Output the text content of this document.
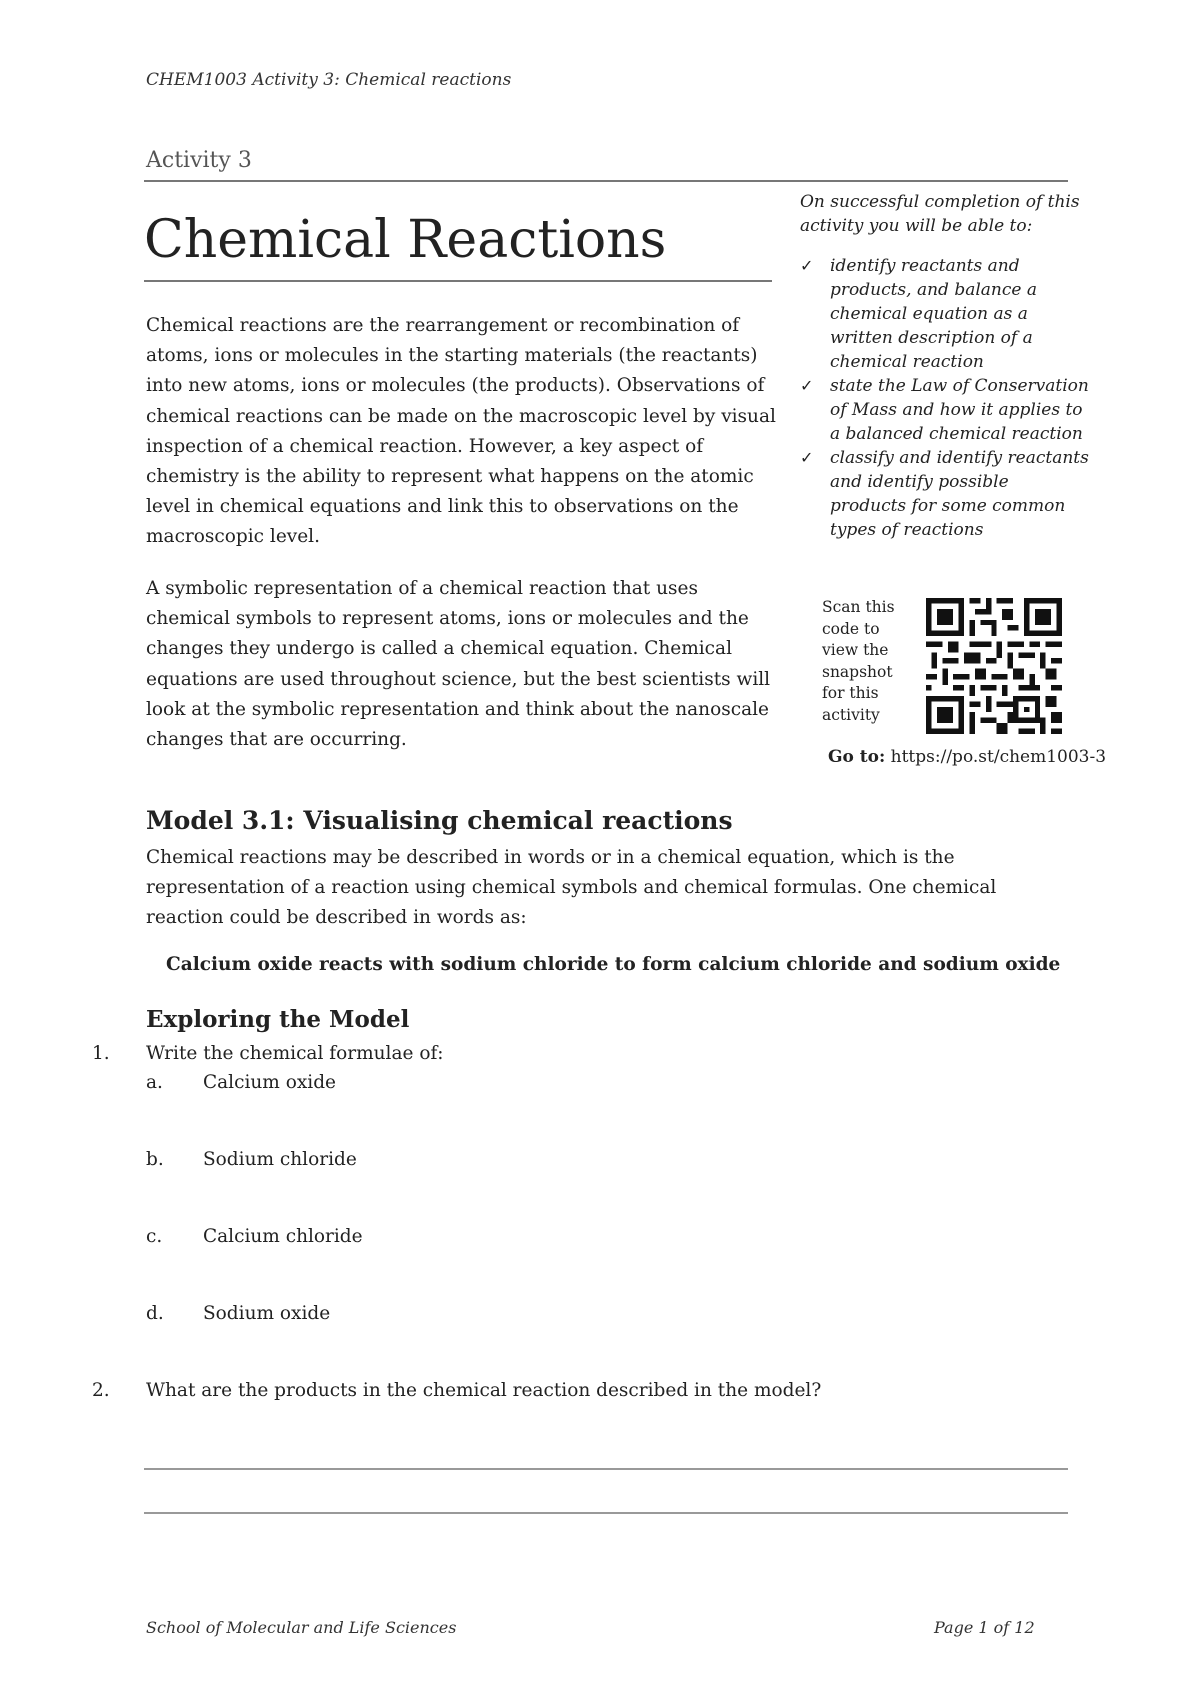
CHEM1003 Activity 3: Chemical reactions
Activity 3
Chemical Reactions

Chemical reactions are the rearrangement or recombination of atoms, ions or molecules in the starting materials (the reactants) into new atoms, ions or molecules (the products). Observations of chemical reactions can be made on the macroscopic level by visual inspection of a chemical reaction. However, a key aspect of chemistry is the ability to represent what happens on the atomic level in chemical equations and link this to observations on the macroscopic level.

A symbolic representation of a chemical reaction that uses chemical symbols to represent atoms, ions or molecules and the changes they undergo is called a chemical equation. Chemical equations are used throughout science, but the best scientists will look at the symbolic representation and think about the nanoscale changes that are occurring.

On successful completion of this activity you will be able to:
✓ identify reactants and products, and balance a chemical equation as a written description of a chemical reaction
✓ state the Law of Conservation of Mass and how it applies to a balanced chemical reaction
✓ classify and identify reactants and identify possible products for some common types of reactions
Scan this code to view the snapshot for this activity
Go to: https://po.st/chem1003-3
Model 3.1: Visualising chemical reactions

Chemical reactions may be described in words or in a chemical equation, which is the representation of a reaction using chemical symbols and chemical formulas. One chemical reaction could be described in words as:

Calcium oxide reacts with sodium chloride to form calcium chloride and sodium oxide
Exploring the Model
1. Write the chemical formulae of:
a. Calcium oxide
b. Sodium chloride
c. Calcium chloride
d. Sodium oxide
2. What are the products in the chemical reaction described in the model?
School of Molecular and Life Sciences	Page 1 of 12
